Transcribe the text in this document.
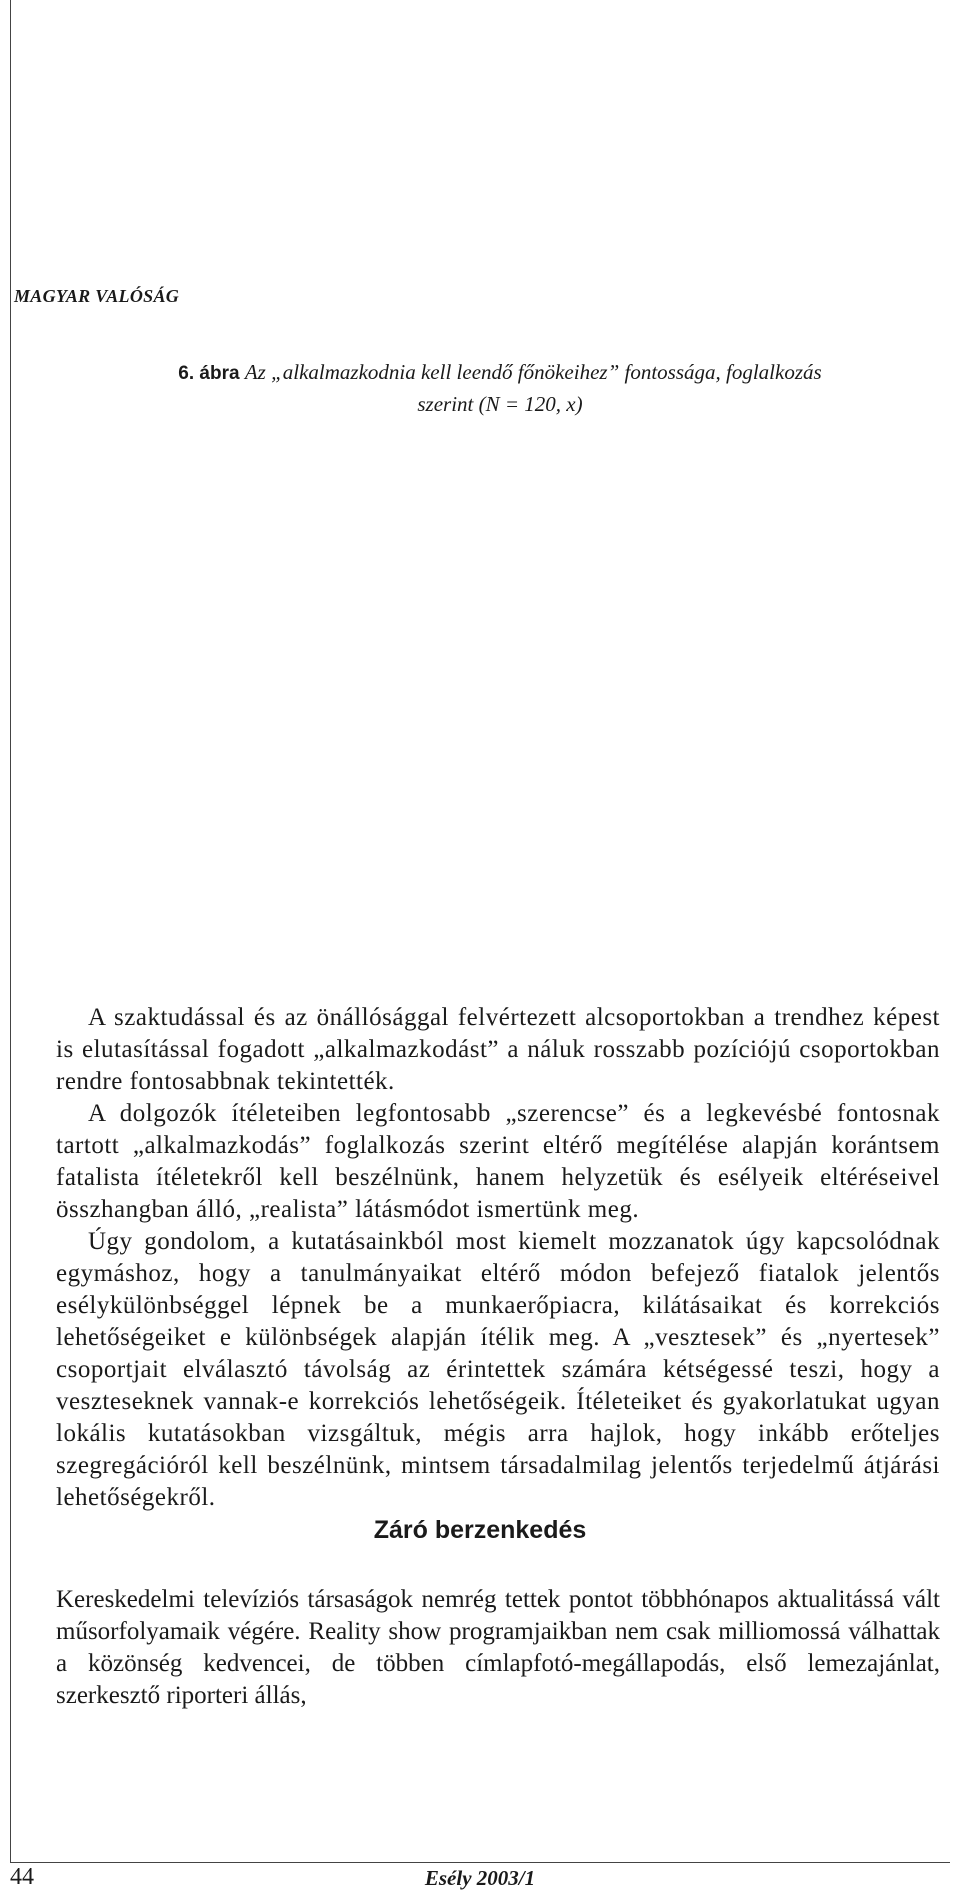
MAGYAR VALÓSÁG
6. ábra Az „alkalmazkodnia kell leendő főnökeihez” fontossága, foglalkozás
szerint (N = 120, x)

A szaktudással és az önállósággal felvértezett alcsoportokban a trendhez képest is elutasítással fogadott „alkalmazkodást” a náluk rosszabb pozíciójú csoportokban rendre fontosabbnak tekintették.

A dolgozók ítéleteiben legfontosabb „szerencse” és a legkevésbé fontosnak tartott „alkalmazkodás” foglalkozás szerint eltérő megítélése alapján korántsem fatalista ítéletekről kell beszélnünk, hanem helyzetük és esélyeik eltéréseivel összhangban álló, „realista” látásmódot ismertünk meg.

Úgy gondolom, a kutatásainkból most kiemelt mozzanatok úgy kapcsolódnak egymáshoz, hogy a tanulmányaikat eltérő módon befejező fiatalok jelentős esélykülönbséggel lépnek be a munkaerőpiacra, kilátásaikat és korrekciós lehetőségeiket e különbségek alapján ítélik meg. A „vesztesek” és „nyertesek” csoportjait elválasztó távolság az érintettek számára kétségessé teszi, hogy a veszteseknek vannak-e korrekciós lehetőségeik. Ítéleteiket és gyakorlatukat ugyan lokális kutatásokban vizsgáltuk, mégis arra hajlok, hogy inkább erőteljes szegregációról kell beszélnünk, mintsem társadalmilag jelentős terjedelmű átjárási lehetőségekről.

Záró berzenkedés

Kereskedelmi televíziós társaságok nemrég tettek pontot többhónapos aktualitássá vált műsorfolyamaik végére. Reality show programjaikban nem csak milliomossá válhattak a közönség kedvencei, de többen címlapfotó-megállapodás, első lemezajánlat, szerkesztő riporteri állás,

44	Esély 2003/1
